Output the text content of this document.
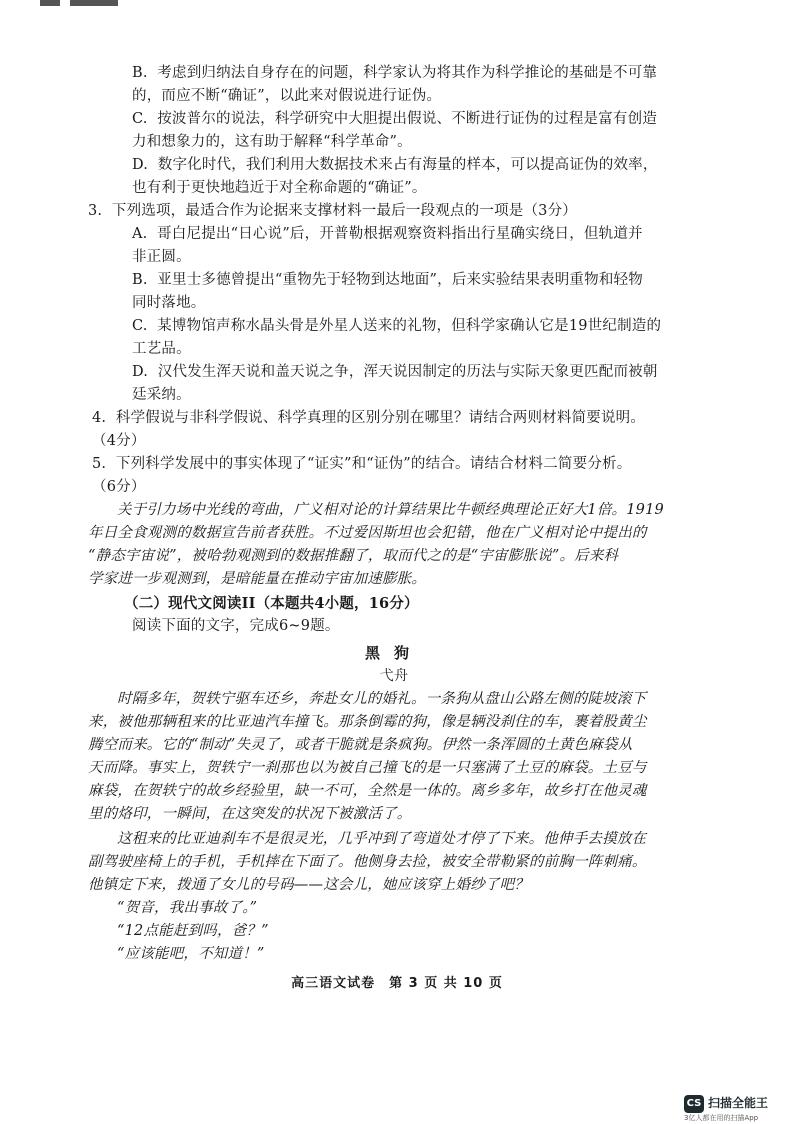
B. 考虑到归纳法自身存在的问题，科学家认为将其作为科学推论的基础是不可靠

的，而应不断“确证”，以此来对假说进行证伪。

C. 按波普尔的说法，科学研究中大胆提出假说、不断进行证伪的过程是富有创造

力和想象力的，这有助于解释“科学革命”。

D. 数字化时代，我们利用大数据技术来占有海量的样本，可以提高证伪的效率，

也有利于更快地趋近于对全称命题的“确证”。

3. 下列选项，最适合作为论据来支撑材料一最后一段观点的一项是（3分）

A. 哥白尼提出“日心说”后，开普勒根据观察资料指出行星确实绕日，但轨道并

非正圆。

B. 亚里士多德曾提出“重物先于轻物到达地面”，后来实验结果表明重物和轻物

同时落地。

C. 某博物馆声称水晶头骨是外星人送来的礼物，但科学家确认它是19世纪制造的

工艺品。

D. 汉代发生浑天说和盖天说之争，浑天说因制定的历法与实际天象更匹配而被朝

廷采纳。

4. 科学假说与非科学假说、科学真理的区别分别在哪里？请结合两则材料简要说明。

（4分）

5. 下列科学发展中的事实体现了“证实”和“证伪”的结合。请结合材料二简要分析。

（6分）

关于引力场中光线的弯曲，广义相对论的计算结果比牛顿经典理论正好大1倍。1919

年日全食观测的数据宣告前者获胜。不过爱因斯坦也会犯错，他在广义相对论中提出的

“静态宇宙说”，被哈勃观测到的数据推翻了，取而代之的是“宇宙膨胀说”。后来科

学家进一步观测到，是暗能量在推动宇宙加速膨胀。

（二）现代文阅读II（本题共4小题，16分）

阅读下面的文字，完成6~9题。

黑狗

弋舟

时隔多年，贺轶宁驱车还乡，奔赴女儿的婚礼。一条狗从盘山公路左侧的陡坡滚下

来，被他那辆租来的比亚迪汽车撞飞。那条倒霉的狗，像是辆没刹住的车，裹着股黄尘

腾空而来。它的“制动”失灵了，或者干脆就是条疯狗。伊然一条浑圆的土黄色麻袋从

天而降。事实上，贺轶宁一刹那也以为被自己撞飞的是一只塞满了土豆的麻袋。土豆与

麻袋，在贺轶宁的故乡经验里，缺一不可，全然是一体的。离乡多年，故乡打在他灵魂

里的烙印，一瞬间，在这突发的状况下被激活了。

这租来的比亚迪刹车不是很灵光，几乎冲到了弯道处才停了下来。他伸手去摸放在

副驾驶座椅上的手机，手机摔在下面了。他侧身去捡，被安全带勒紧的前胸一阵刺痛。

他镇定下来，拨通了女儿的号码——这会儿，她应该穿上婚纱了吧？

“贺音，我出事故了。”

“12点能赶到吗，爸？”

“应该能吧，不知道！”

高三语文试卷　第 3 页 共 10 页
CS 扫描全能王
3亿人都在用的扫描App
